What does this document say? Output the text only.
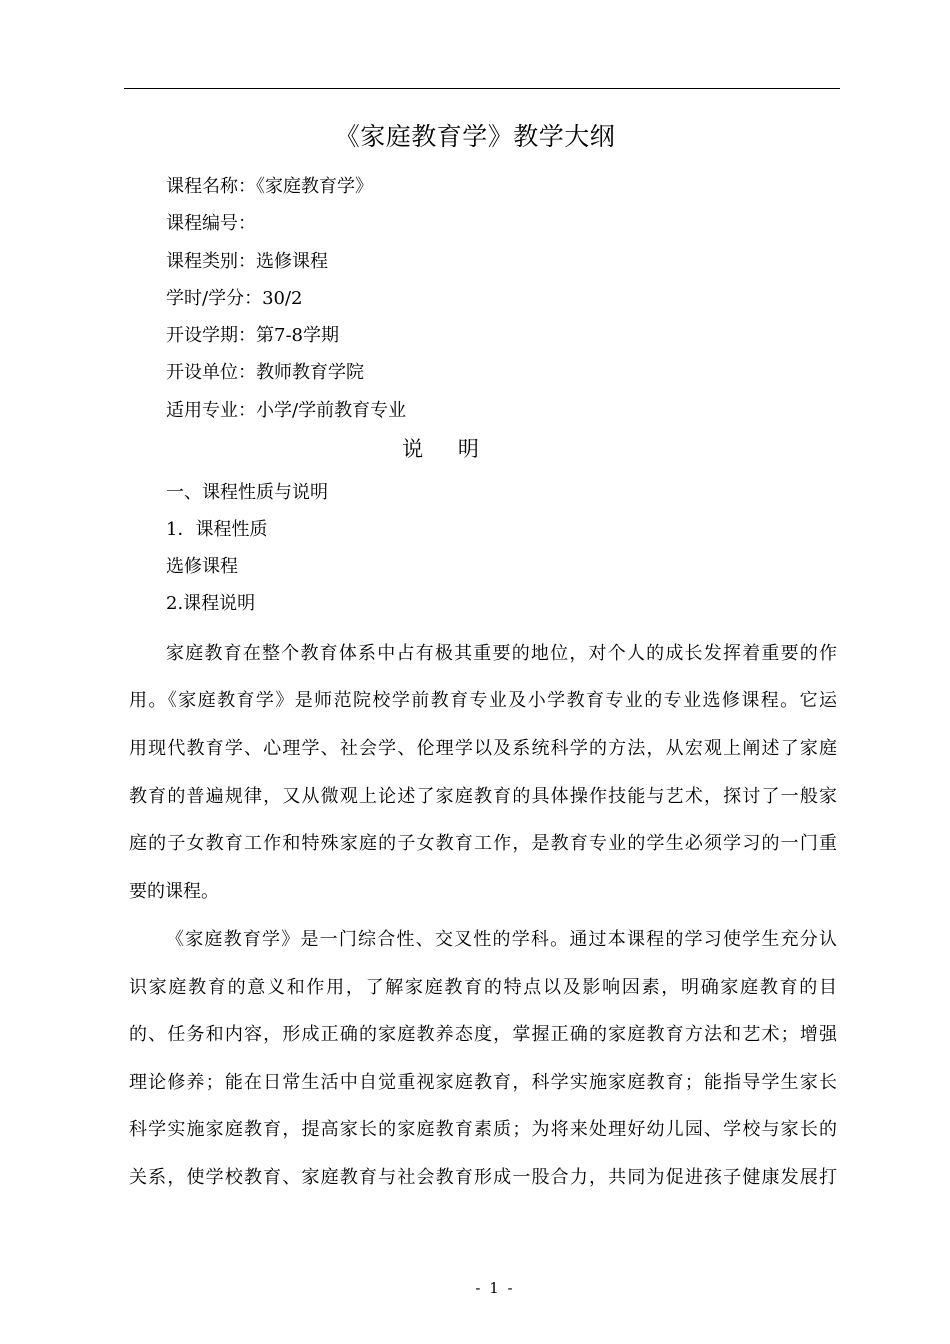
《家庭教育学》教学大纲
课程名称：《家庭教育学》
课程编号：
课程类别：选修课程
学时/学分：30/2
开设学期：第7-8学期
开设单位：教师教育学院
适用专业：小学/学前教育专业
说 明
一、课程性质与说明
1．课程性质
选修课程
2.课程说明
家庭教育在整个教育体系中占有极其重要的地位，对个人的成长发挥着重要的作
用。《家庭教育学》是师范院校学前教育专业及小学教育专业的专业选修课程。它运
用现代教育学、心理学、社会学、伦理学以及系统科学的方法，从宏观上阐述了家庭
教育的普遍规律，又从微观上论述了家庭教育的具体操作技能与艺术，探讨了一般家
庭的子女教育工作和特殊家庭的子女教育工作，是教育专业的学生必须学习的一门重
要的课程。
《家庭教育学》是一门综合性、交叉性的学科。通过本课程的学习使学生充分认
识家庭教育的意义和作用，了解家庭教育的特点以及影响因素，明确家庭教育的目
的、任务和内容，形成正确的家庭教养态度，掌握正确的家庭教育方法和艺术；增强
理论修养；能在日常生活中自觉重视家庭教育，科学实施家庭教育；能指导学生家长
科学实施家庭教育，提高家长的家庭教育素质；为将来处理好幼儿园、学校与家长的
关系，使学校教育、家庭教育与社会教育形成一股合力，共同为促进孩子健康发展打
- 1 -
